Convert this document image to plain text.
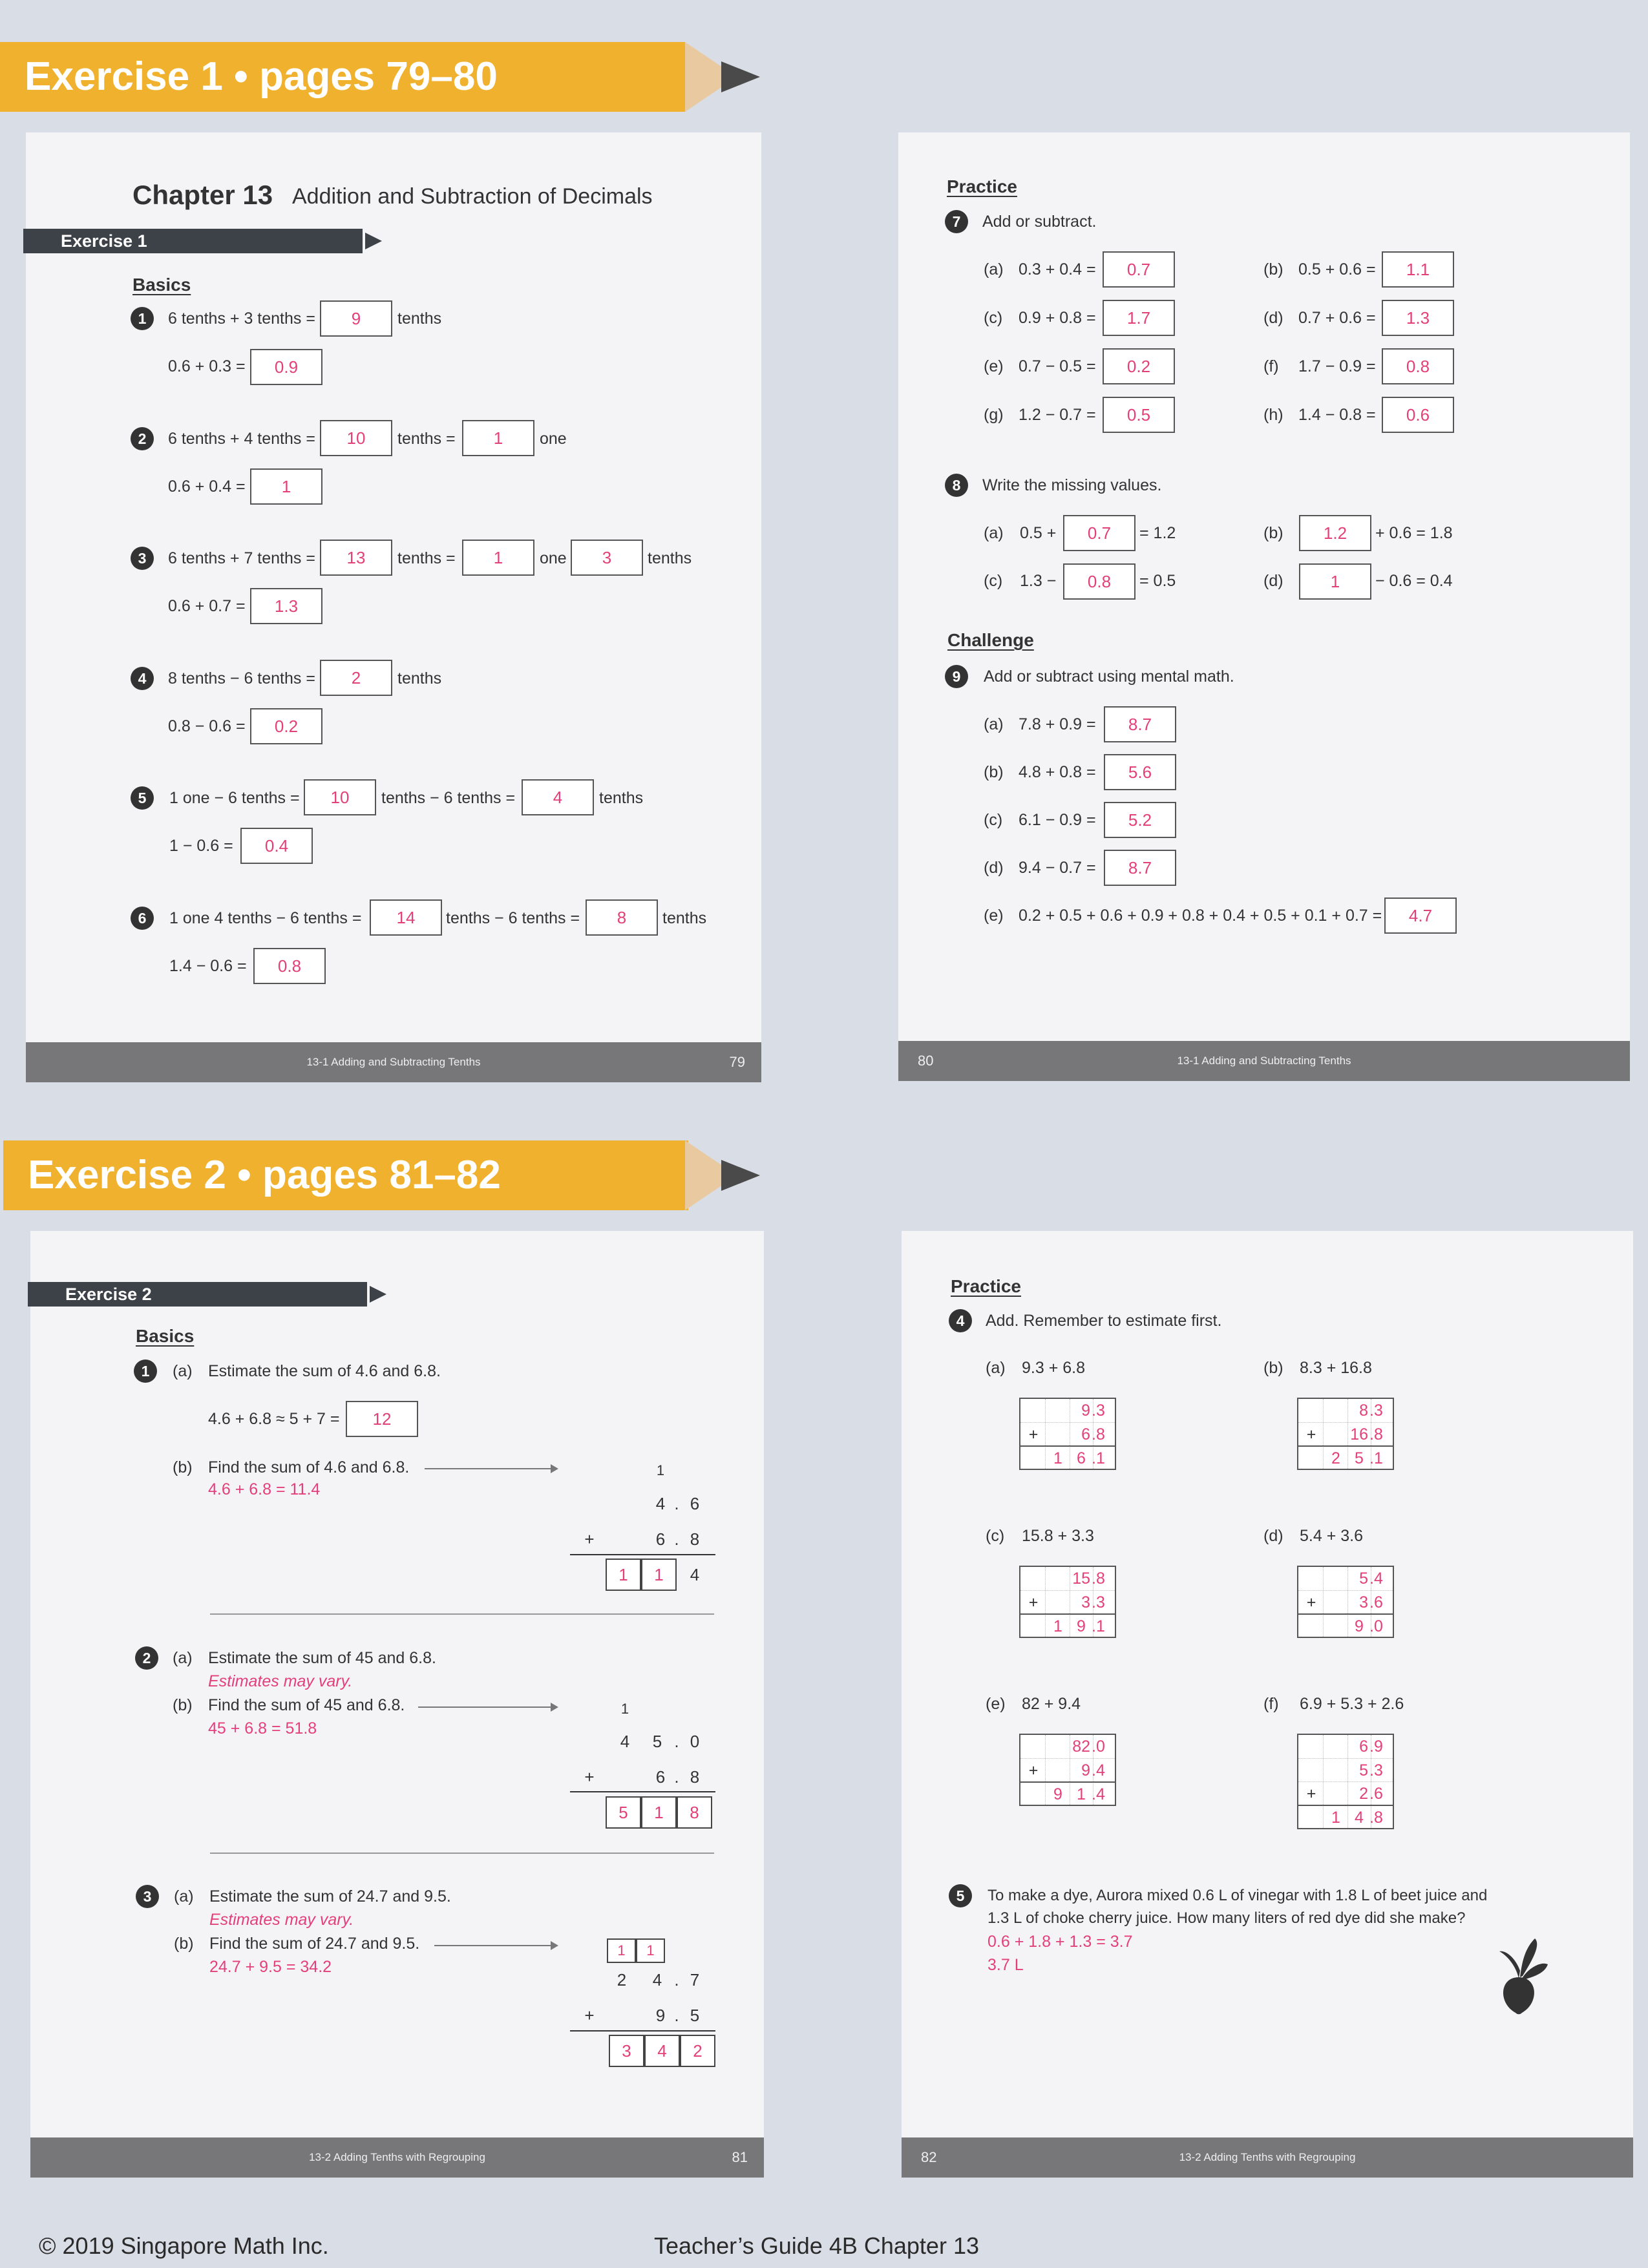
Exercise 1 • pages 79–80
Chapter 13 Addition and Subtraction of Decimals
Exercise 1
Basics
1	6 tenths + 3 tenths =	9	tenths
0.6 + 0.3 =	0.9
2	6 tenths + 4 tenths =	10	tenths =	1	one
0.6 + 0.4 =	1
3	6 tenths + 7 tenths =	13	tenths =	1	one	3	tenths
0.6 + 0.7 =	1.3
4	8 tenths − 6 tenths =	2	tenths
0.8 − 0.6 =	0.2
5	1 one − 6 tenths =	10	tenths − 6 tenths =	4	tenths
1 − 0.6 =	0.4
6	1 one 4 tenths − 6 tenths =	14	tenths − 6 tenths =	8	tenths
1.4 − 0.6 =	0.8
13-1 Adding and Subtracting Tenths	79
Practice
7	Add or subtract.
(a) 0.3 + 0.4 =	0.7	(b) 0.5 + 0.6 =	1.1
(c) 0.9 + 0.8 =	1.7	(d) 0.7 + 0.6 =	1.3
(e) 0.7 − 0.5 =	0.2	(f) 1.7 − 0.9 =	0.8
(g) 1.2 − 0.7 =	0.5	(h) 1.4 − 0.8 =	0.6
8	Write the missing values.
(a) 0.5 +	0.7	= 1.2	(b)	1.2	+ 0.6 = 1.8
(c) 1.3 −	0.8	= 0.5	(d)	1	− 0.6 = 0.4
Challenge
9	Add or subtract using mental math.
(a) 7.8 + 0.9 =	8.7
(b) 4.8 + 0.8 =	5.6
(c) 6.1 − 0.9 =	5.2
(d) 9.4 − 0.7 =	8.7
(e) 0.2 + 0.5 + 0.6 + 0.9 + 0.8 + 0.4 + 0.5 + 0.1 + 0.7 =	4.7
80	13-1 Adding and Subtracting Tenths
Exercise 2 • pages 81–82
Exercise 2
Basics
1	(a) Estimate the sum of 4.6 and 6.8.
4.6 + 6.8 ≈ 5 + 7 =	12
(b) Find the sum of 4.6 and 6.8.
4.6 + 6.8 = 11.4
1
4 . 6
+	6 . 8
1	1	4
2	(a) Estimate the sum of 45 and 6.8.
Estimates may vary.
(b) Find the sum of 45 and 6.8.
45 + 6.8 = 51.8
1
4	5 . 0
+	6 . 8
5	1	8
3	(a) Estimate the sum of 24.7 and 9.5.
Estimates may vary.
(b) Find the sum of 24.7 and 9.5.
24.7 + 9.5 = 34.2
1	1
2	4 . 7
+	9 . 5
3	4	2
13-2 Adding Tenths with Regrouping	81
Practice
4	Add. Remember to estimate first.
(a) 9.3 + 6.8
9 .3
+	6 .8
1 6 .1
(b) 8.3 + 16.8
8 .3
+	16 .8
2 5 .1
(c) 15.8 + 3.3
15 .8
+	3 .3
1 9 .1
(d) 5.4 + 3.6
5 .4
+	3 .6
9 .0
(e) 82 + 9.4
82 .0
+	9 .4
9 1 .4
(f) 6.9 + 5.3 + 2.6
6 .9
5 .3
+	2 .6
1 4 .8
5	To make a dye, Aurora mixed 0.6 L of vinegar with 1.8 L of beet juice and
1.3 L of choke cherry juice. How many liters of red dye did she make?
0.6 + 1.8 + 1.3 = 3.7
3.7 L
82	13-2 Adding Tenths with Regrouping
© 2019 Singapore Math Inc.	Teacher’s Guide 4B Chapter 13
